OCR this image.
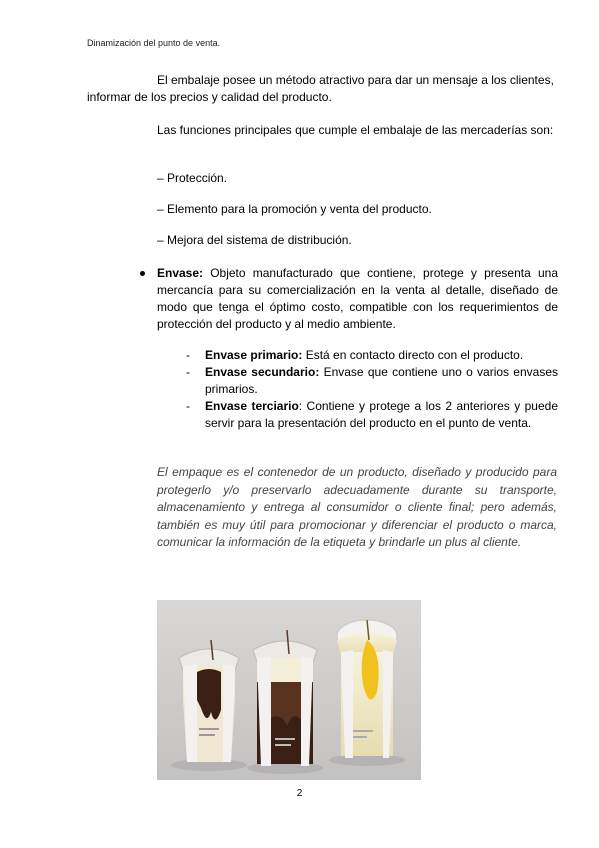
Dinamización del punto de venta.
El embalaje posee un método atractivo para dar un mensaje a los clientes, informar de los precios y calidad del producto.
Las funciones principales que cumple el embalaje de las mercaderías son:
– Protección.
– Elemento para la promoción y venta del producto.
– Mejora del sistema de distribución.
Envase: Objeto manufacturado que contiene, protege y presenta una mercancía para su comercialización en la venta al detalle, diseñado de modo que tenga el óptimo costo, compatible con los requerimientos de protección del producto y al medio ambiente.
- Envase primario: Está en contacto directo con el producto.
- Envase secundario: Envase que contiene uno o varios envases primarios.
- Envase terciario: Contiene y protege a los 2 anteriores y puede servir para la presentación del producto en el punto de venta.
El empaque es el contenedor de un producto, diseñado y producido para protegerlo y/o preservarlo adecuadamente durante su transporte, almacenamiento y entrega al consumidor o cliente final; pero además, también es muy útil para promocionar y diferenciar el producto o marca, comunicar la información de la etiqueta y brindarle un plus al cliente.
2
